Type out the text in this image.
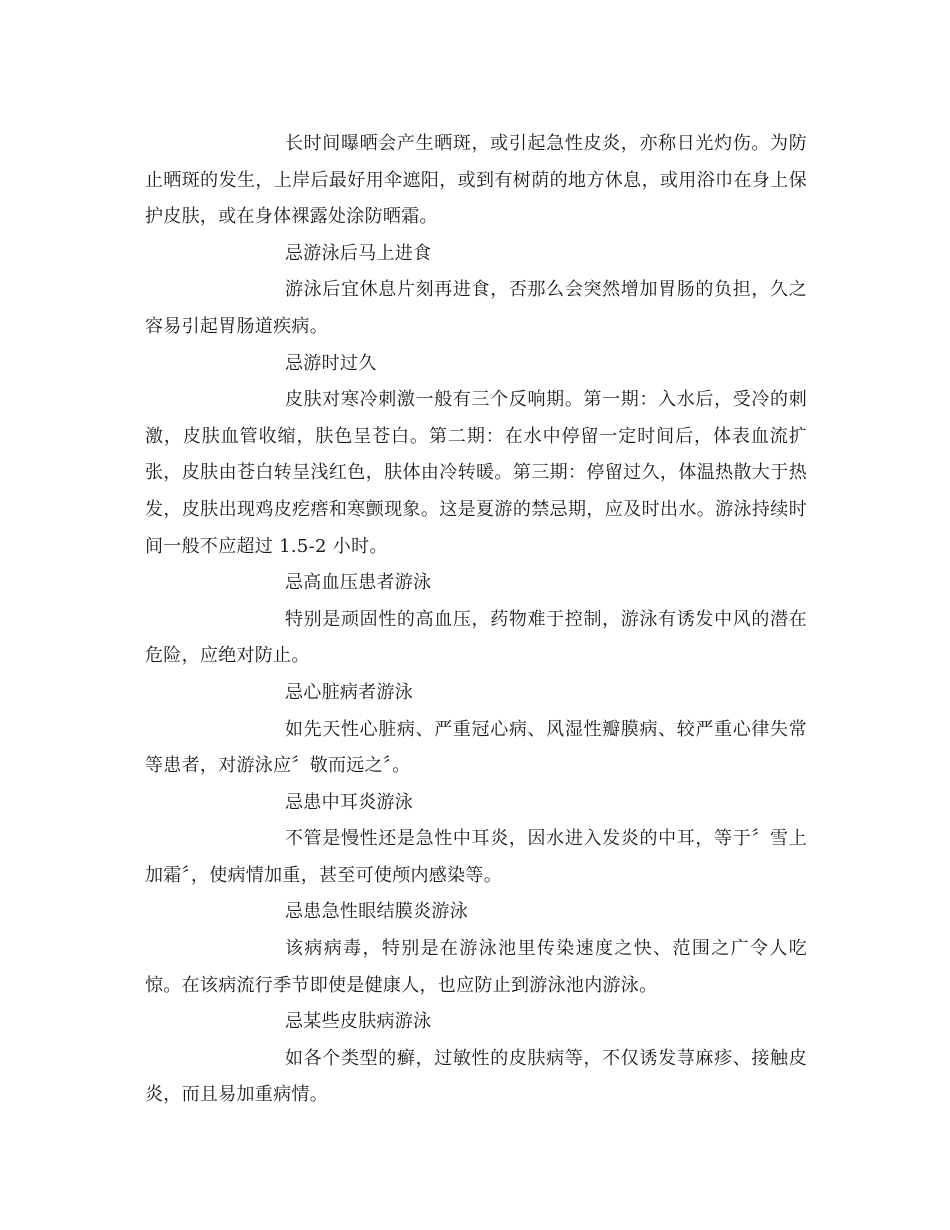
长时间曝晒会产生晒斑，或引起急性皮炎，亦称日光灼伤。为防止晒斑的发生，上岸后最好用伞遮阳，或到有树荫的地方休息，或用浴巾在身上保护皮肤，或在身体裸露处涂防晒霜。

忌游泳后马上进食

游泳后宜休息片刻再进食，否那么会突然增加胃肠的负担，久之容易引起胃肠道疾病。

忌游时过久

皮肤对寒冷刺激一般有三个反响期。第一期：入水后，受冷的刺激，皮肤血管收缩，肤色呈苍白。第二期：在水中停留一定时间后，体表血流扩张，皮肤由苍白转呈浅红色，肤体由冷转暖。第三期：停留过久，体温热散大于热发，皮肤出现鸡皮疙瘩和寒颤现象。这是夏游的禁忌期，应及时出水。游泳持续时间一般不应超过 1.5-2 小时。

忌高血压患者游泳

特别是顽固性的高血压，药物难于控制，游泳有诱发中风的潜在危险，应绝对防止。

忌心脏病者游泳

如先天性心脏病、严重冠心病、风湿性瓣膜病、较严重心律失常等患者，对游泳应〞敬而远之〞。

忌患中耳炎游泳

不管是慢性还是急性中耳炎，因水进入发炎的中耳，等于〞雪上加霜〞，使病情加重，甚至可使颅内感染等。

忌患急性眼结膜炎游泳

该病病毒，特别是在游泳池里传染速度之快、范围之广令人吃惊。在该病流行季节即使是健康人，也应防止到游泳池内游泳。

忌某些皮肤病游泳

如各个类型的癣，过敏性的皮肤病等，不仅诱发荨麻疹、接触皮炎，而且易加重病情。
